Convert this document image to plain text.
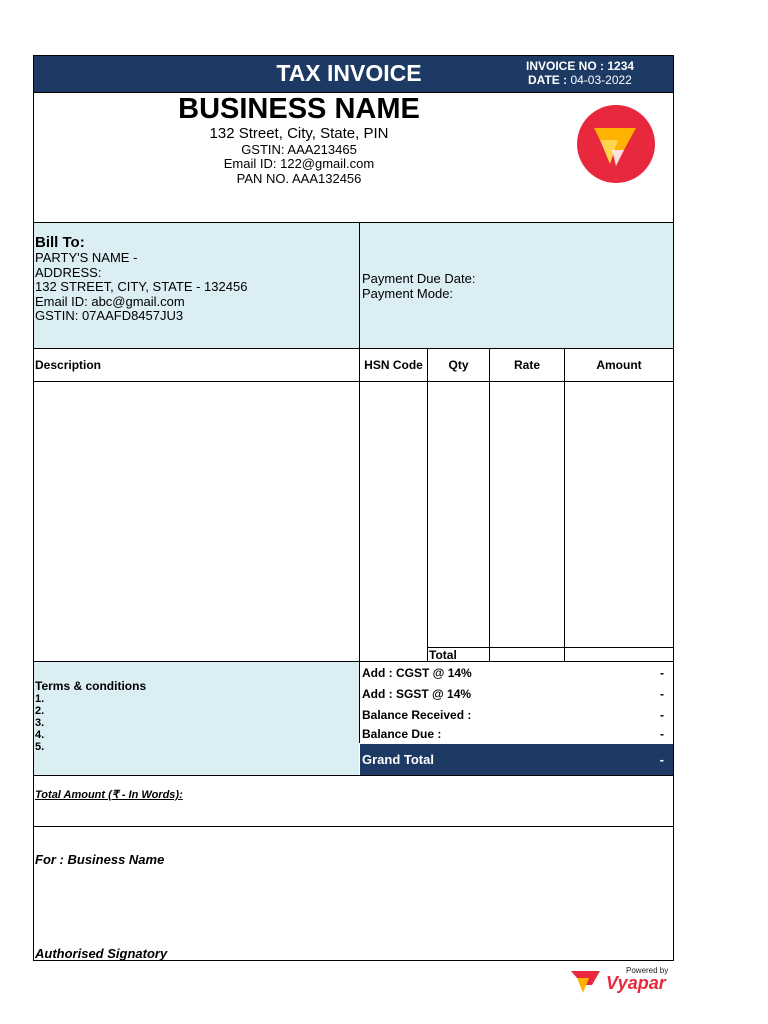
TAX INVOICE	INVOICE NO : 1234
DATE : 04-03-2022
BUSINESS NAME
132 Street, City, State, PIN
GSTIN: AAA213465
Email ID: 122@gmail.com
PAN NO. AAA132456
Bill To:
PARTY'S NAME -
ADDRESS:
132 STREET, CITY, STATE - 132456
Email ID: abc@gmail.com
GSTIN: 07AAFD8457JU3
Payment Due Date:
Payment Mode:
Description	HSN Code	Qty	Rate	Amount
Total
Terms & conditions
1.
2.
3.
4.
5.
Add : CGST @ 14%	-
Add : SGST @ 14%	-
Balance Received :	-
Balance Due :	-
Grand Total	-
Total Amount (₹ - In Words):
For : Business Name
Authorised Signatory
Powered by
Vyapar
